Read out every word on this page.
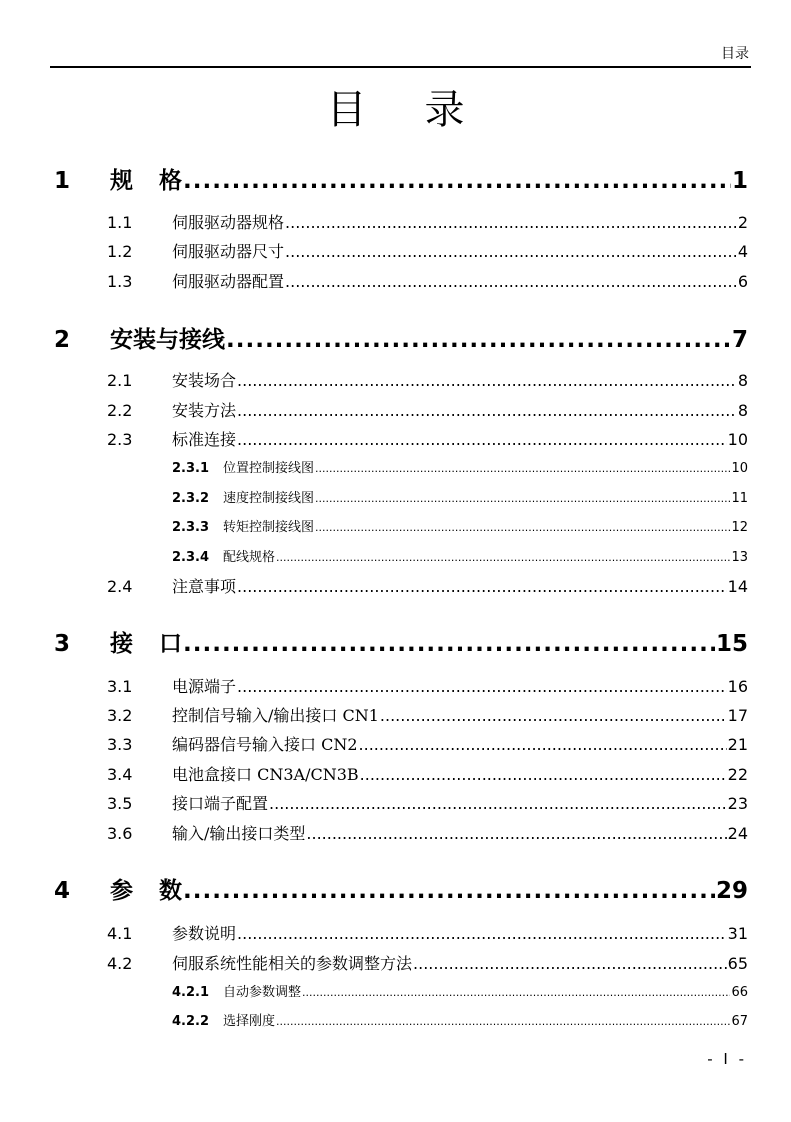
目录
目录
1	规格 .....	1
1.1	伺服驱动器规格 .....	2
1.2	伺服驱动器尺寸 .....	4
1.3	伺服驱动器配置 .....	6
2	安装与接线 .....	7
2.1	安装场合 .....	8
2.2	安装方法 .....	8
2.3	标准连接 .....	10
2.3.1	位置控制接线图 .....	10
2.3.2	速度控制接线图 .....	11
2.3.3	转矩控制接线图 .....	12
2.3.4	配线规格 .....	13
2.4	注意事项 .....	14
3	接口 .....	15
3.1	电源端子 .....	16
3.2	控制信号输入/输出接口 CN1 .....	17
3.3	编码器信号输入接口 CN2 .....	21
3.4	电池盒接口 CN3A/CN3B .....	22
3.5	接口端子配置 .....	23
3.6	输入/输出接口类型 .....	24
4	参数 .....	29
4.1	参数说明 .....	31
4.2	伺服系统性能相关的参数调整方法 .....	65
4.2.1	自动参数调整 .....	66
4.2.2	选择刚度 .....	67
- I -
